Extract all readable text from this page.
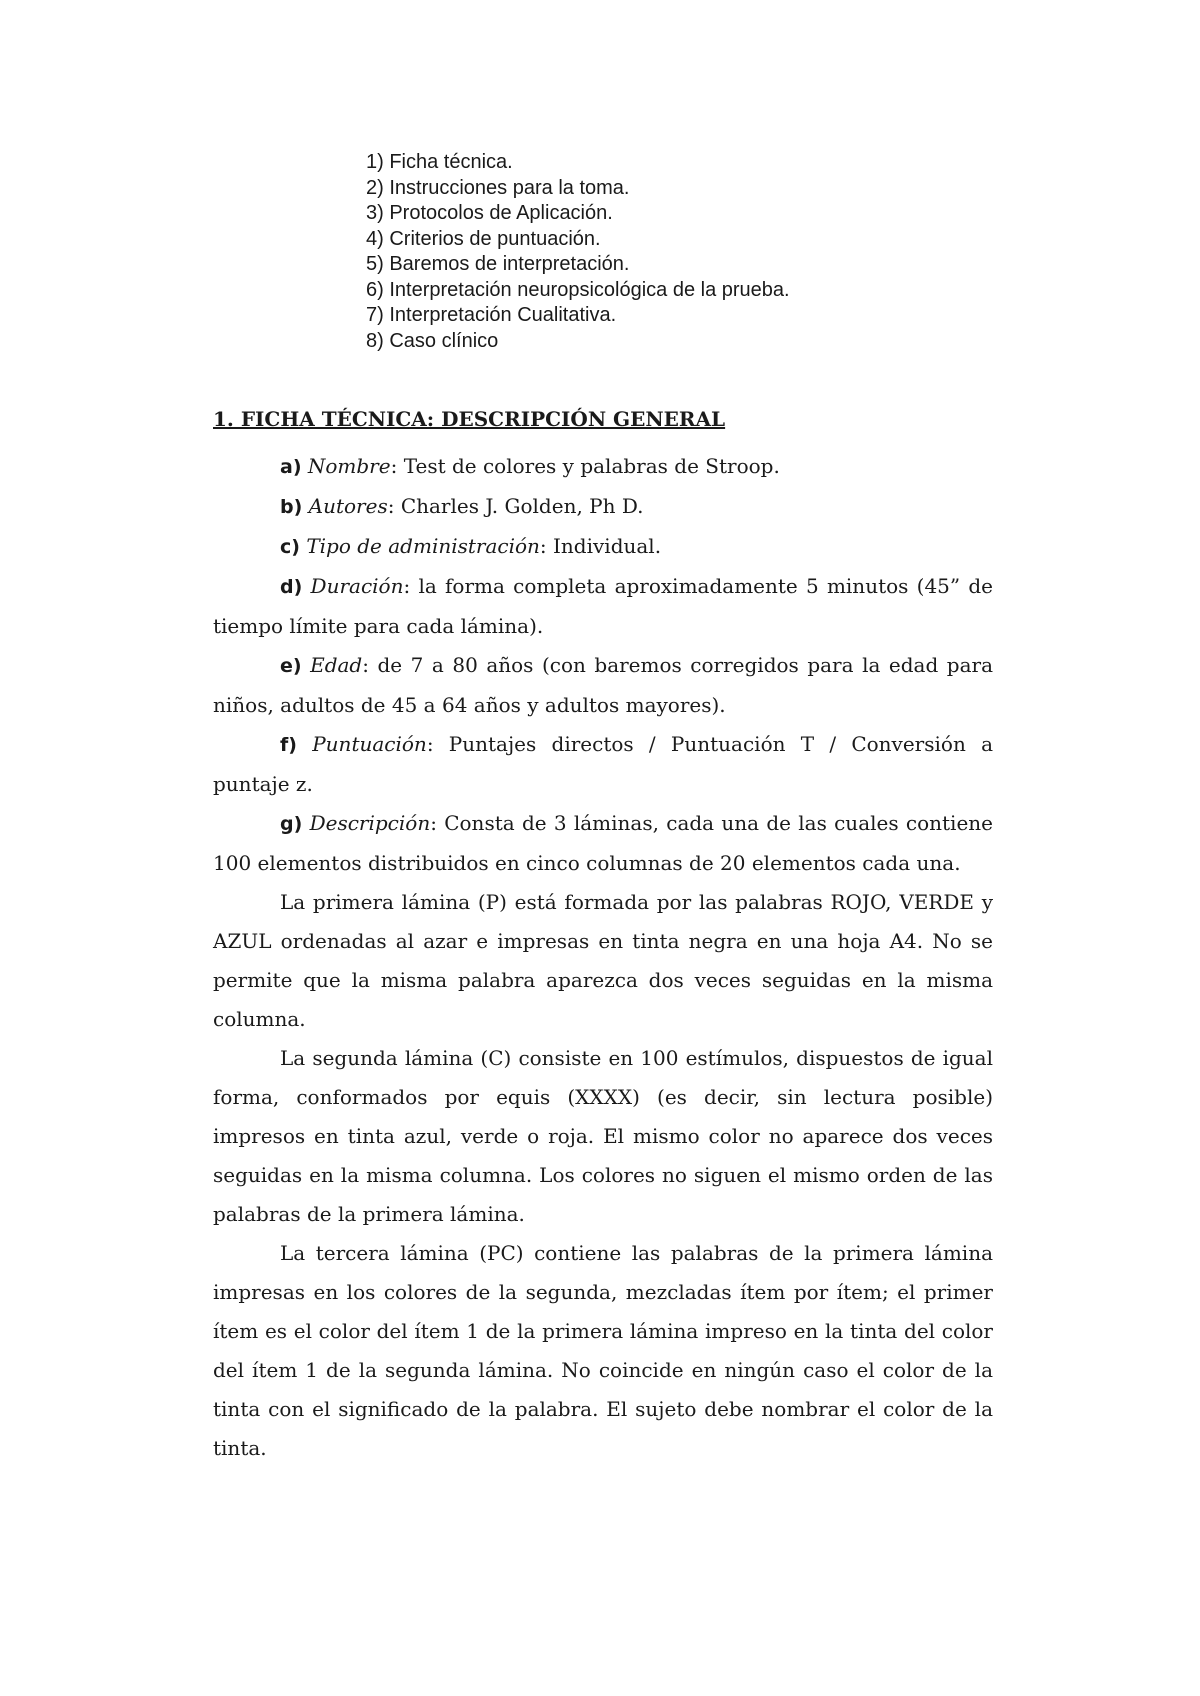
1) Ficha técnica.
2) Instrucciones para la toma.
3) Protocolos de Aplicación.
4) Criterios de puntuación.
5) Baremos de interpretación.
6) Interpretación neuropsicológica de la prueba.
7) Interpretación Cualitativa.
8) Caso clínico
1. FICHA TÉCNICA: DESCRIPCIÓN GENERAL

a) Nombre: Test de colores y palabras de Stroop.

b) Autores: Charles J. Golden, Ph D.

c) Tipo de administración: Individual.

d) Duración: la forma completa aproximadamente 5 minutos (45” de tiempo límite para cada lámina).

e) Edad: de 7 a 80 años (con baremos corregidos para la edad para niños, adultos de 45 a 64 años y adultos mayores).

f) Puntuación: Puntajes directos / Puntuación T / Conversión a puntaje z.

g) Descripción: Consta de 3 láminas, cada una de las cuales contiene 100 elementos distribuidos en cinco columnas de 20 elementos cada una.

La primera lámina (P) está formada por las palabras ROJO, VERDE y AZUL ordenadas al azar e impresas en tinta negra en una hoja A4. No se permite que la misma palabra aparezca dos veces seguidas en la misma columna.

La segunda lámina (C) consiste en 100 estímulos, dispuestos de igual forma, conformados por equis (XXXX) (es decir, sin lectura posible) impresos en tinta azul, verde o roja. El mismo color no aparece dos veces seguidas en la misma columna. Los colores no siguen el mismo orden de las palabras de la primera lámina.

La tercera lámina (PC) contiene las palabras de la primera lámina impresas en los colores de la segunda, mezcladas ítem por ítem; el primer ítem es el color del ítem 1 de la primera lámina impreso en la tinta del color del ítem 1 de la segunda lámina. No coincide en ningún caso el color de la tinta con el significado de la palabra. El sujeto debe nombrar el color de la tinta.
